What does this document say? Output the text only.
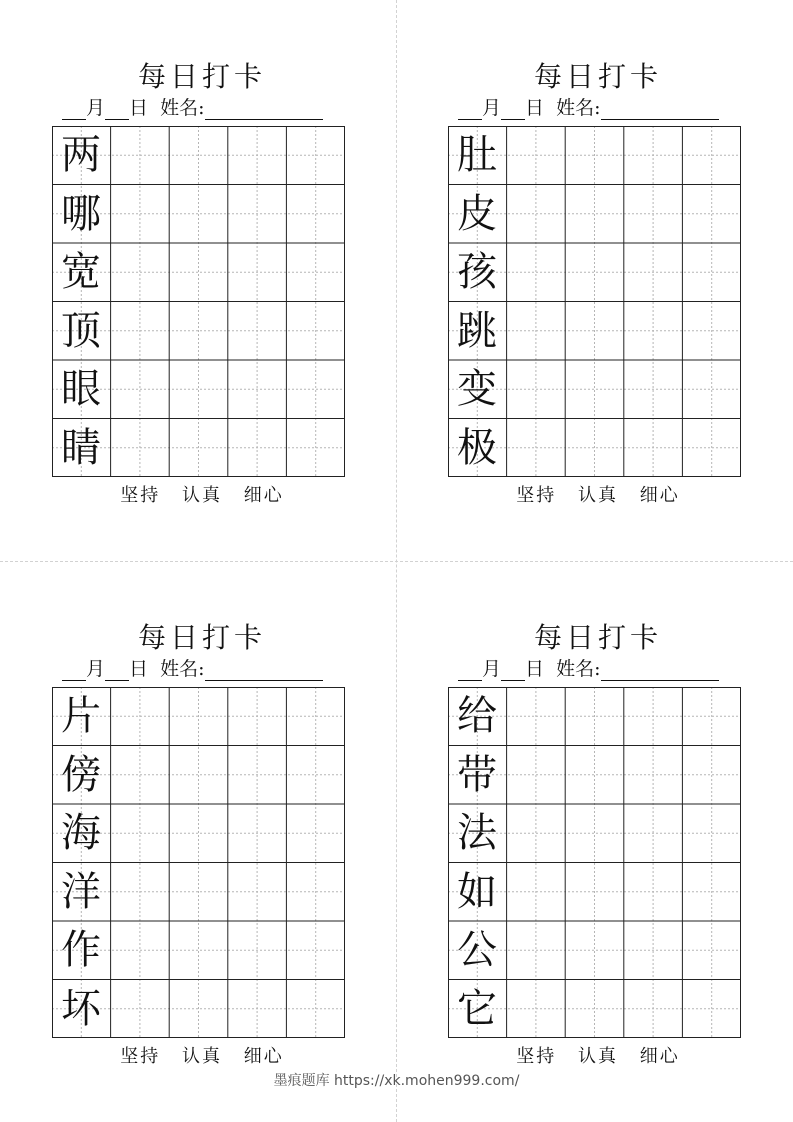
每日打卡
月 日 姓名:
两
哪
宽
顶
眼
睛
坚持 认真 细心
每日打卡
月 日 姓名:
肚
皮
孩
跳
变
极
坚持 认真 细心
每日打卡
月 日 姓名:
片
傍
海
洋
作
坏
坚持 认真 细心
每日打卡
月 日 姓名:
给
带
法
如
公
它
坚持 认真 细心
墨痕题库 https://xk.mohen999.com/
